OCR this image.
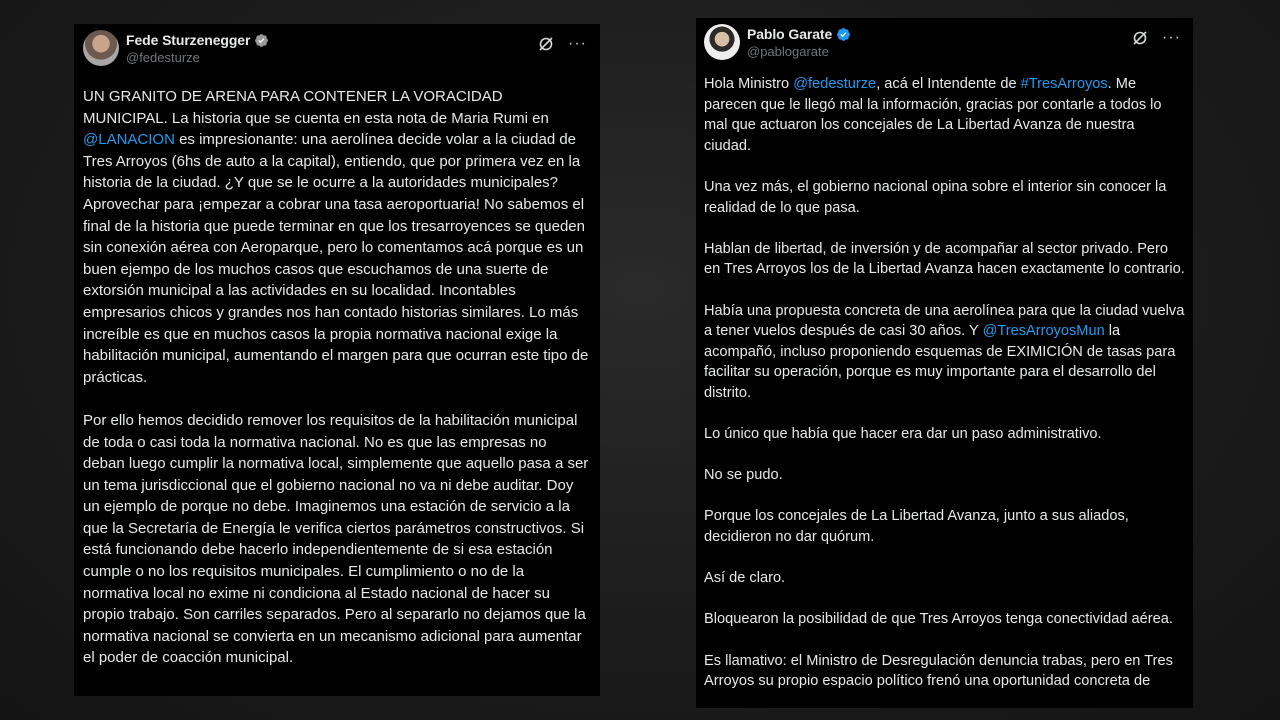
Fede Sturzenegger
@fedesturze
···

UN GRANITO DE ARENA PARA CONTENER LA VORACIDAD MUNICIPAL. La historia que se cuenta en esta nota de Maria Rumi en @LANACION es impresionante: una aerolínea decide volar a la ciudad de Tres Arroyos (6hs de auto a la capital), entiendo, que por primera vez en la historia de la ciudad. ¿Y que se le ocurre a la autoridades municipales? Aprovechar para ¡empezar a cobrar una tasa aeroportuaria! No sabemos el final de la historia que puede terminar en que los tresarroyences se queden sin conexión aérea con Aeroparque, pero lo comentamos acá porque es un buen ejempo de los muchos casos que escuchamos de una suerte de extorsión municipal a las actividades en su localidad. Incontables empresarios chicos y grandes nos han contado historias similares. Lo más increíble es que en muchos casos la propia normativa nacional exige la habilitación municipal, aumentando el margen para que ocurran este tipo de prácticas.

Por ello hemos decidido remover los requisitos de la habilitación municipal de toda o casi toda la normativa nacional. No es que las empresas no deban luego cumplir la normativa local, simplemente que aquello pasa a ser un tema jurisdiccional que el gobierno nacional no va ni debe auditar. Doy un ejemplo de porque no debe. Imaginemos una estación de servicio a la que la Secretaría de Energía le verifica ciertos parámetros constructivos. Si está funcionando debe hacerlo independientemente de si esa estación cumple o no los requisitos municipales. El cumplimiento o no de la normativa local no exime ni condiciona al Estado nacional de hacer su propio trabajo. Son carriles separados. Pero al separarlo no dejamos que la normativa nacional se convierta en un mecanismo adicional para aumentar el poder de coacción municipal.

Pablo Garate
@pablogarate
···

Hola Ministro @fedesturze, acá el Intendente de #TresArroyos. Me parecen que le llegó mal la información, gracias por contarle a todos lo mal que actuaron los concejales de La Libertad Avanza de nuestra ciudad.

Una vez más, el gobierno nacional opina sobre el interior sin conocer la realidad de lo que pasa.

Hablan de libertad, de inversión y de acompañar al sector privado. Pero en Tres Arroyos los de la Libertad Avanza hacen exactamente lo contrario.

Había una propuesta concreta de una aerolínea para que la ciudad vuelva a tener vuelos después de casi 30 años. Y @TresArroyosMun la acompañó, incluso proponiendo esquemas de EXIMICIÓN de tasas para facilitar su operación, porque es muy importante para el desarrollo del distrito.

Lo único que había que hacer era dar un paso administrativo.

No se pudo.

Porque los concejales de La Libertad Avanza, junto a sus aliados, decidieron no dar quórum.

Así de claro.

Bloquearon la posibilidad de que Tres Arroyos tenga conectividad aérea.

Es llamativo: el Ministro de Desregulación denuncia trabas, pero en Tres Arroyos su propio espacio político frenó una oportunidad concreta de
